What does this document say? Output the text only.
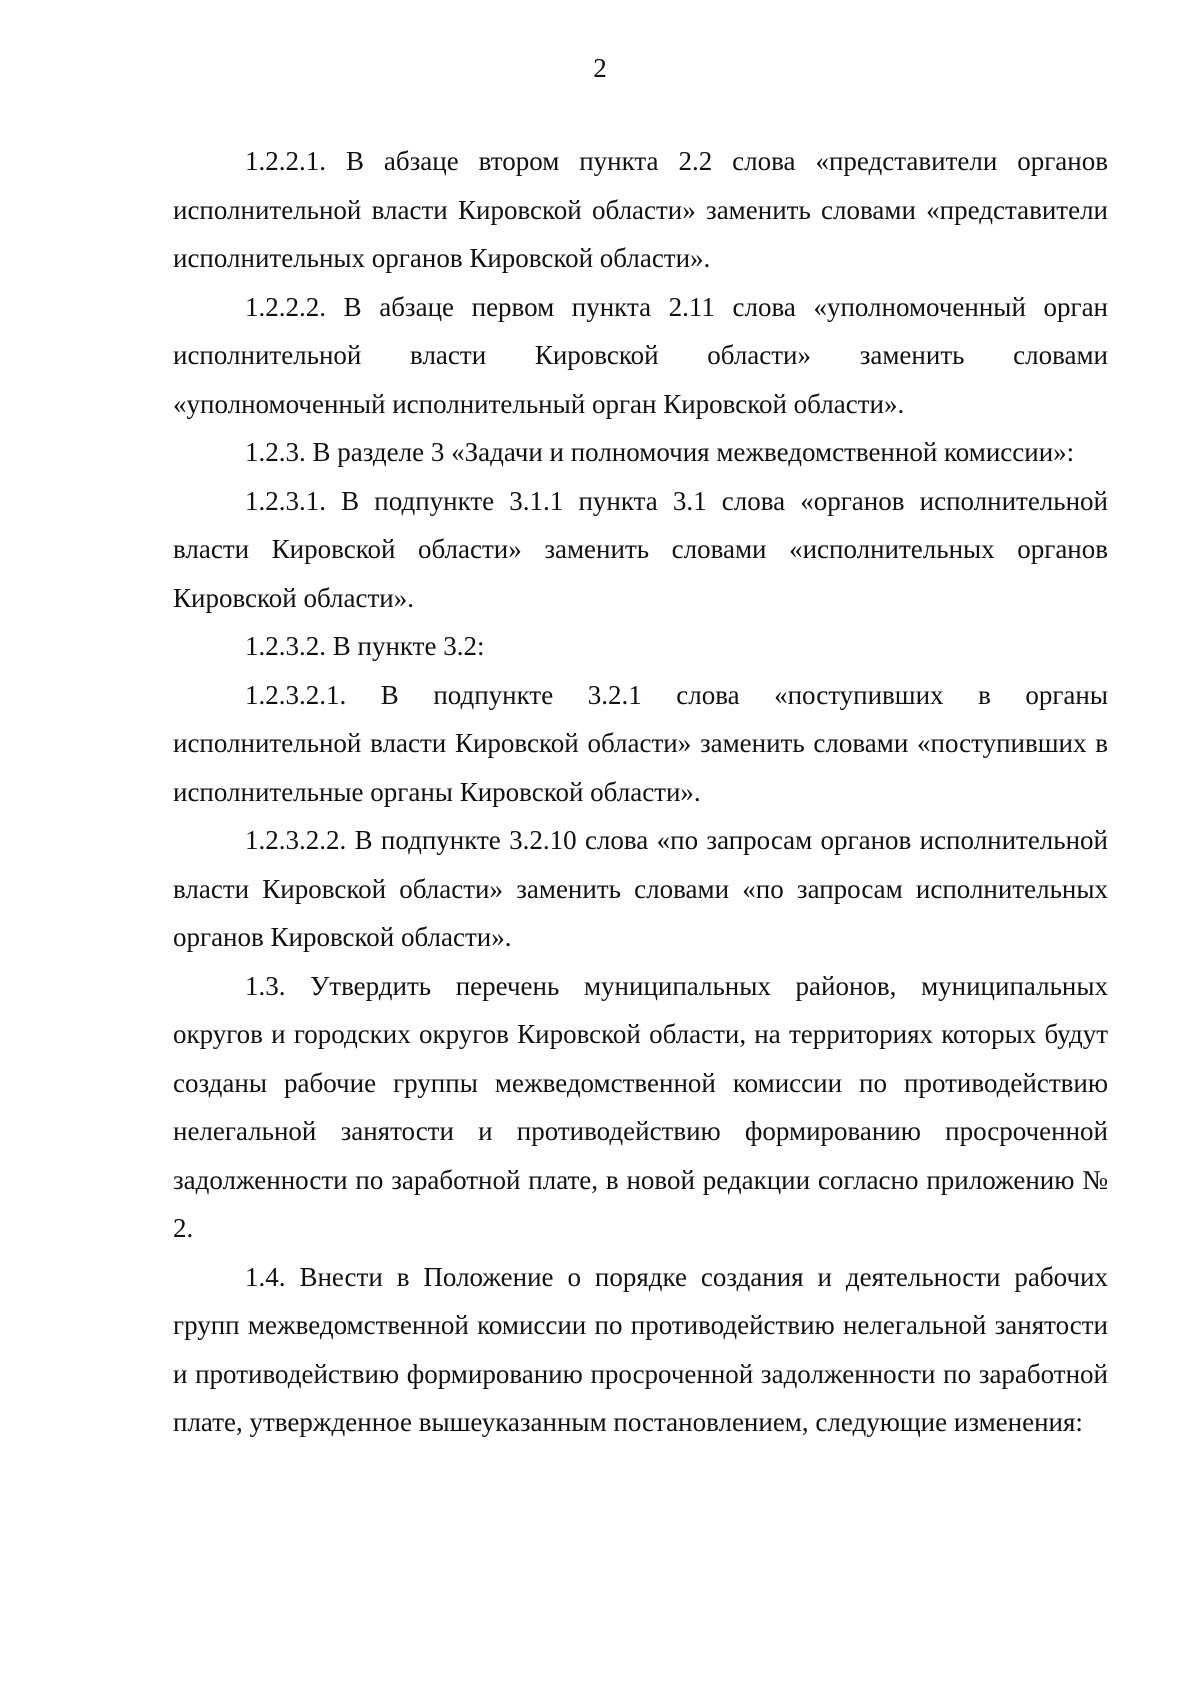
2

1.2.2.1. В абзаце втором пункта 2.2 слова «представители органов исполнительной власти Кировской области» заменить словами «представители исполнительных органов Кировской области».

1.2.2.2. В абзаце первом пункта 2.11 слова «уполномоченный орган исполнительной власти Кировской области» заменить словами «уполномоченный исполнительный орган Кировской области».

1.2.3. В разделе 3 «Задачи и полномочия межведомственной комиссии»:

1.2.3.1. В подпункте 3.1.1 пункта 3.1 слова «органов исполнительной власти Кировской области» заменить словами «исполнительных органов Кировской области».

1.2.3.2. В пункте 3.2:

1.2.3.2.1. В подпункте 3.2.1 слова «поступивших в органы исполнительной власти Кировской области» заменить словами «поступивших в исполнительные органы Кировской области».

1.2.3.2.2. В подпункте 3.2.10 слова «по запросам органов исполнительной власти Кировской области» заменить словами «по запросам исполнительных органов Кировской области».

1.3. Утвердить перечень муниципальных районов, муниципальных округов и городских округов Кировской области, на территориях которых будут созданы рабочие группы межведомственной комиссии по противодействию нелегальной занятости и противодействию формированию просроченной задолженности по заработной плате, в новой редакции согласно приложению № 2.

1.4. Внести в Положение о порядке создания и деятельности рабочих групп межведомственной комиссии по противодействию нелегальной занятости и противодействию формированию просроченной задолженности по заработной плате, утвержденное вышеуказанным постановлением, следующие изменения:
